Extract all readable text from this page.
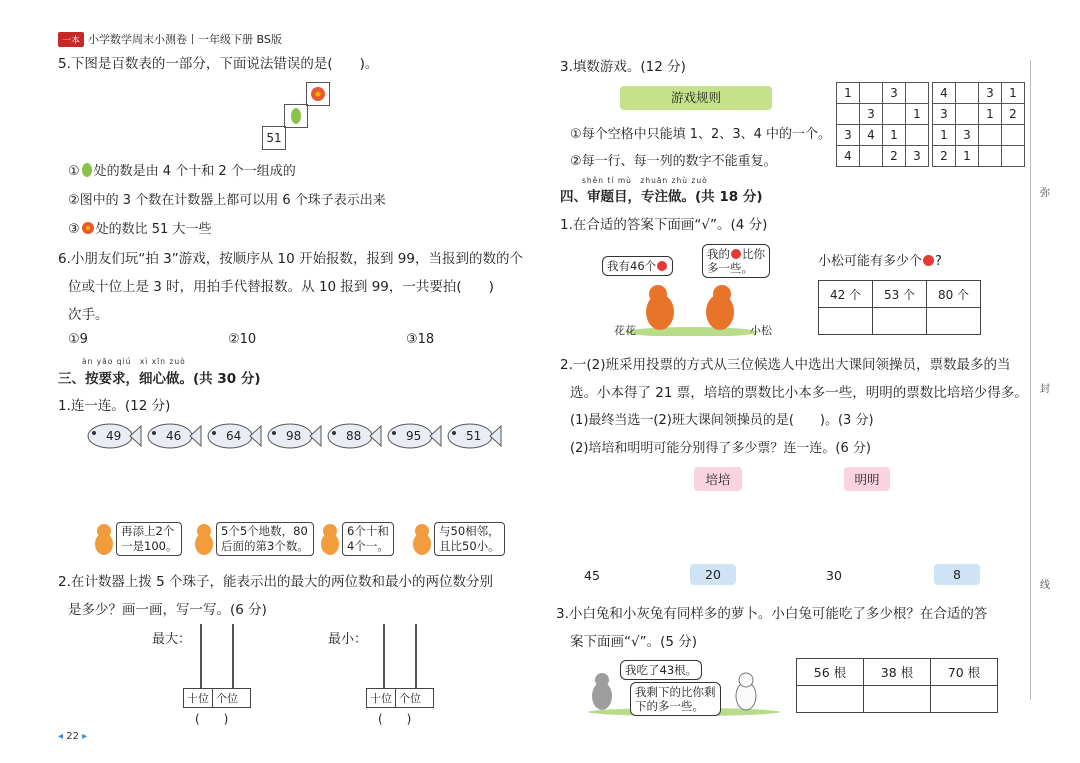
一本 小学数学周末小测卷丨一年级下册 BS版
5.下图是百数表的一部分，下面说法错误的是(　　)。
51
① 处的数是由 4 个十和 2 个一组成的
②图中的 3 个数在计数器上都可以用 6 个珠子表示出来
③ 处的数比 51 大一些
6.小朋友们玩“拍 3”游戏，按顺序从 10 开始报数，报到 99，当报到的数的个
位或十位上是 3 时，用拍手代替报数。从 10 报到 99，一共要拍(　　)
次手。
①9	②10	③18
àn yāo qiú　xì xīn zuò
三、按要求，细心做。(共 30 分)
1.连一连。(12 分)
49	46	64	98	88	95	51
再添上2个
一是100。
5个5个地数，80
后面的第3个数。
6个十和
4个一。
与50相邻，
且比50小。
2.在计数器上拨 5 个珠子，能表示出的最大的两位数和最小的两位数分别
是多少？画一画，写一写。(6 分)
最大：
十位 个位
(　　)
最小：
十位 个位
(　　)
◂ 22 ▸
3.填数游戏。(12 分)
游戏规则
①每个空格中只能填 1、2、3、4 中的一个。
②每一行、每一列的数字不能重复。
1		3	
	3		1
3	4	1	
4		2	3
4		3	1
3		1	2
1	3		
2	1		
shěn tí mù　zhuān zhù zuò
四、审题目，专注做。(共 18 分)
1.在合适的答案下面画“√”。(4 分)
我有46个
我的 比你
多一些。
花花	小松
小松可能有多少个 ?
42 个	53 个	80 个

2.一(2)班采用投票的方式从三位候选人中选出大课间领操员，票数最多的当
选。小本得了 21 票，培培的票数比小本多一些，明明的票数比培培少得多。
(1)最终当选一(2)班大课间领操员的是(　　)。(3 分)
(2)培培和明明可能分别得了多少票？连一连。(6 分)
培培	明明
45	20	30	8
3.小白兔和小灰兔有同样多的萝卜。小白兔可能吃了多少根？在合适的答
案下面画“√”。(5 分)
我吃了43根。
我剩下的比你剩
下的多一些。
56 根	38 根	70 根

弥
封
线
